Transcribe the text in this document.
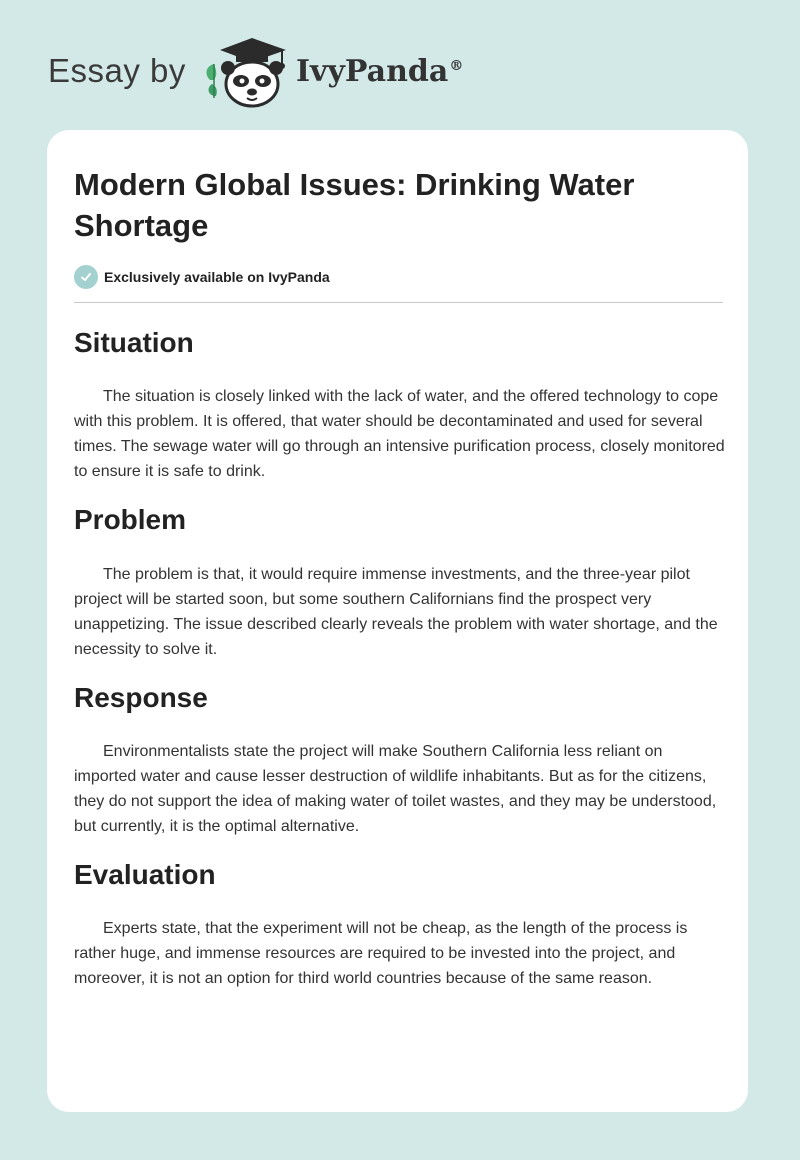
Essay by	IvyPanda®
Modern Global Issues: Drinking Water Shortage
Exclusively available on IvyPanda
Situation

The situation is closely linked with the lack of water, and the offered technology to cope with this problem. It is offered, that water should be decontaminated and used for several times. The sewage water will go through an intensive purification process, closely monitored to ensure it is safe to drink.

Problem

The problem is that, it would require immense investments, and the three-year pilot project will be started soon, but some southern Californians find the prospect very unappetizing. The issue described clearly reveals the problem with water shortage, and the necessity to solve it.

Response

Environmentalists state the project will make Southern California less reliant on imported water and cause lesser destruction of wildlife inhabitants. But as for the citizens, they do not support the idea of making water of toilet wastes, and they may be understood, but currently, it is the optimal alternative.

Evaluation

Experts state, that the experiment will not be cheap, as the length of the process is rather huge, and immense resources are required to be invested into the project, and moreover, it is not an option for third world countries because of the same reason.
